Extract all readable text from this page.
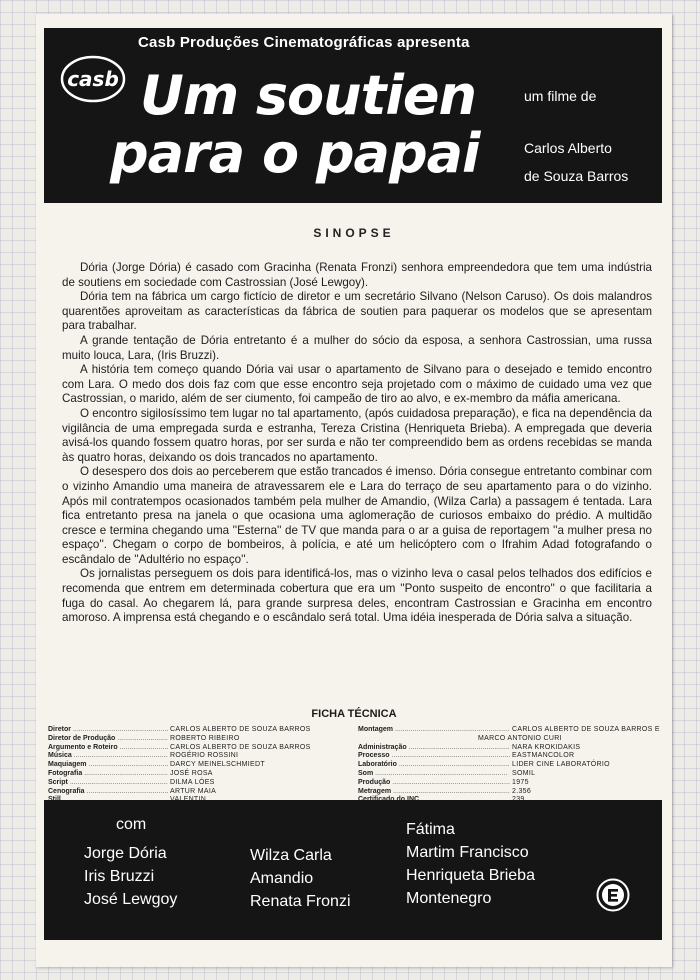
casb
Casb Produções Cinematográficas apresenta
Um soutien
para o papai
um filme de
Carlos Alberto
de Souza Barros
SINOPSE

Dória (Jorge Dória) é casado com Gracinha (Renata Fronzi) senhora empreendedora que tem uma indústria de soutiens em sociedade com Castrossian (José Lewgoy).

Dória tem na fábrica um cargo fictício de diretor e um secretário Silvano (Nelson Caruso). Os dois malandros quarentões aproveitam as características da fábrica de soutien para paquerar os modelos que se apresentam para trabalhar.

A grande tentação de Dória entretanto é a mulher do sócio da esposa, a senhora Castrossian, uma russa muito louca, Lara, (Iris Bruzzi).

A história tem começo quando Dória vai usar o apartamento de Silvano para o desejado e temido encontro com Lara. O medo dos dois faz com que esse encontro seja projetado com o máximo de cuidado uma vez que Castrossian, o marido, além de ser ciumento, foi campeão de tiro ao alvo, e ex-membro da máfia americana.

O encontro sigilosíssimo tem lugar no tal apartamento, (após cuidadosa preparação), e fica na dependência da vigilância de uma empregada surda e estranha, Tereza Cristina (Henriqueta Brieba). A empregada que deveria avisá-los quando fossem quatro horas, por ser surda e não ter compreendido bem as ordens recebidas se manda às quatro horas, deixando os dois trancados no apartamento.

O desespero dos dois ao perceberem que estão trancados é imenso. Dória consegue entretanto combinar com o vizinho Amandio uma maneira de atravessarem ele e Lara do terraço de seu apartamento para o do vizinho. Após mil contratempos ocasionados também pela mulher de Amandio, (Wilza Carla) a passagem é tentada. Lara fica entretanto presa na janela o que ocasiona uma aglomeração de curiosos embaixo do prédio. A multidão cresce e termina chegando uma ''Esterna'' de TV que manda para o ar a guisa de reportagem ''a mulher presa no espaço''. Chegam o corpo de bombeiros, à polícia, e até um helicóptero com o Ifrahim Adad fotografando o escândalo de ''Adultério no espaço''.

Os jornalistas perseguem os dois para identificá-los, mas o vizinho leva o casal pelos telhados dos edifícios e recomenda que entrem em determinada cobertura que era um ''Ponto suspeito de encontro'' o que facilitaria a fuga do casal. Ao chegarem lá, para grande surpresa deles, encontram Castrossian e Gracinha em encontro amoroso. A imprensa está chegando e o escândalo será total. Uma idéia inesperada de Dória salva a situação.

FICHA TÉCNICA
Diretor .....	CARLOS ALBERTO DE SOUZA BARROS
Diretor de Produção .....	ROBERTO RIBEIRO
Argumento e Roteiro .....	CARLOS ALBERTO DE SOUZA BARROS
Música .....	ROGÉRIO ROSSINI
Maquiagem .....	DARCY MEINELSCHMIEDT
Fotografia .....	JOSÉ ROSA
Script .....	DILMA LÓES
Cenografia .....	ARTUR MAIA
.....
Montagem .....	CARLOS ALBERTO DE SOUZA BARROS E
MARCO ANTONIO CURI
Administração .....	NARA KROKIDAKIS
Processo .....	EASTMANCOLOR
Laboratório .....	LIDER CINE LABORATÓRIO
Som .....	SOMIL
Produção .....	1975
Metragem .....	2.356
.....
.....
com
Jorge Dória
Iris Bruzzi
José Lewgoy
Wilza Carla
Amandio
Renata Fronzi
Fátima
Martim Francisco
Henriqueta Brieba
Montenegro
